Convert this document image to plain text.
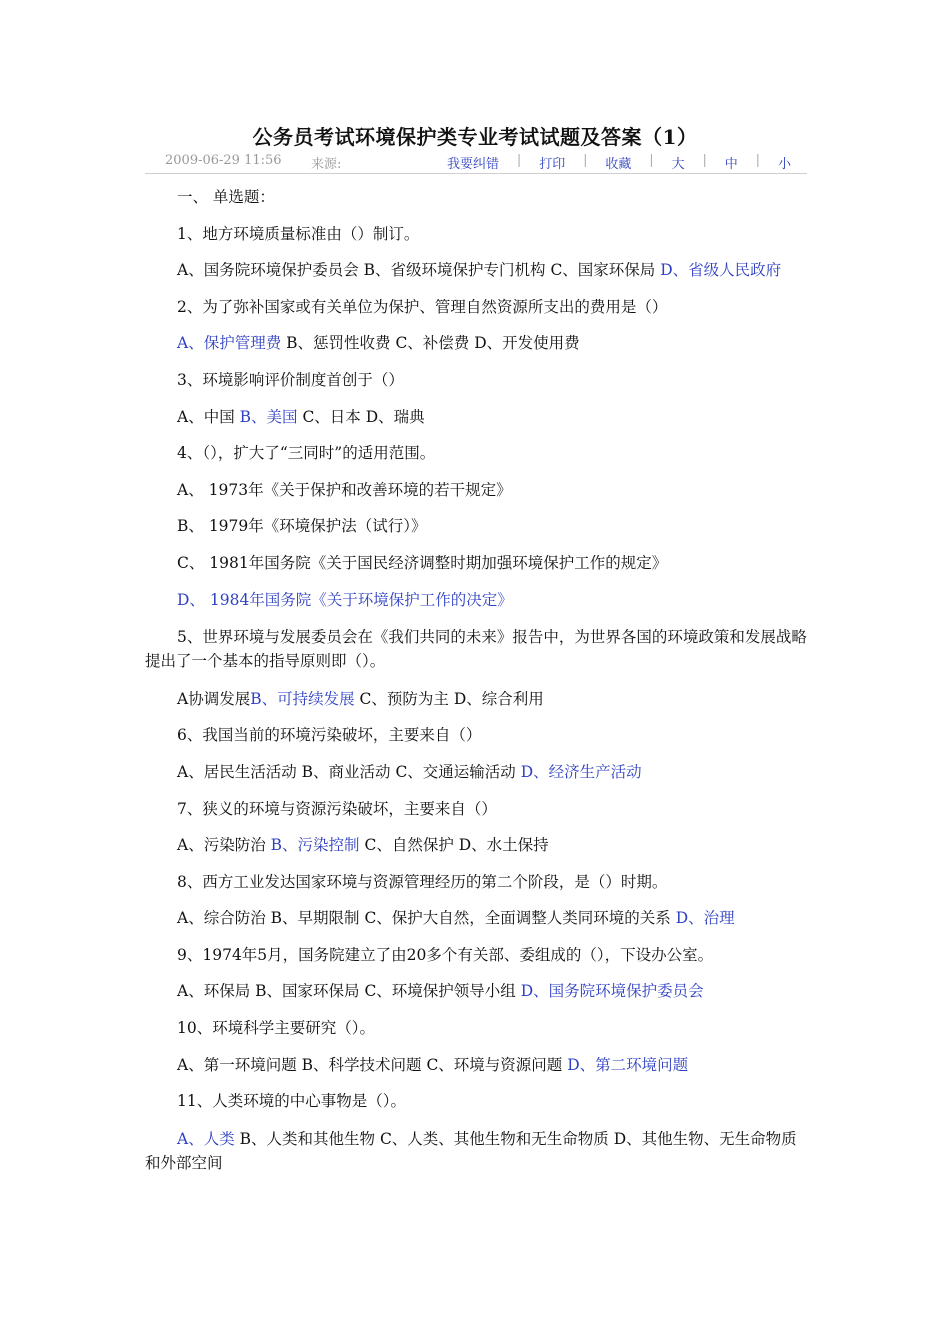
公务员考试环境保护类专业考试试题及答案（1）
2009-06-29 11:56 来源:	我要纠错 | 打印 | 收藏 | 大 | 中 | 小

一、 单选题：

1、地方环境质量标准由（）制订。

A、国务院环境保护委员会 B、省级环境保护专门机构 C、国家环保局 D、省级人民政府

2、为了弥补国家或有关单位为保护、管理自然资源所支出的费用是（）

A、保护管理费 B、惩罚性收费 C、补偿费 D、开发使用费

3、环境影响评价制度首创于（）

A、中国 B、美国 C、日本 D、瑞典

4、（），扩大了“三同时”的适用范围。

A、 1973年《关于保护和改善环境的若干规定》

B、 1979年《环境保护法（试行）》

C、 1981年国务院《关于国民经济调整时期加强环境保护工作的规定》

D、 1984年国务院《关于环境保护工作的决定》

5、世界环境与发展委员会在《我们共同的未来》报告中，为世界各国的环境政策和发展战略提出了一个基本的指导原则即（）。

A协调发展B、可持续发展 C、预防为主 D、综合利用

6、我国当前的环境污染破坏，主要来自（）

A、居民生活活动 B、商业活动 C、交通运输活动 D、经济生产活动

7、狭义的环境与资源污染破坏，主要来自（）

A、污染防治 B、污染控制 C、自然保护 D、水土保持

8、西方工业发达国家环境与资源管理经历的第二个阶段，是（）时期。

A、综合防治 B、早期限制 C、保护大自然，全面调整人类同环境的关系 D、治理

9、1974年5月，国务院建立了由20多个有关部、委组成的（），下设办公室。

A、环保局 B、国家环保局 C、环境保护领导小组 D、国务院环境保护委员会

10、环境科学主要研究（）。

A、第一环境问题 B、科学技术问题 C、环境与资源问题 D、第二环境问题

11、人类环境的中心事物是（）。

A、人类 B、人类和其他生物 C、人类、其他生物和无生命物质 D、其他生物、无生命物质和外部空间
